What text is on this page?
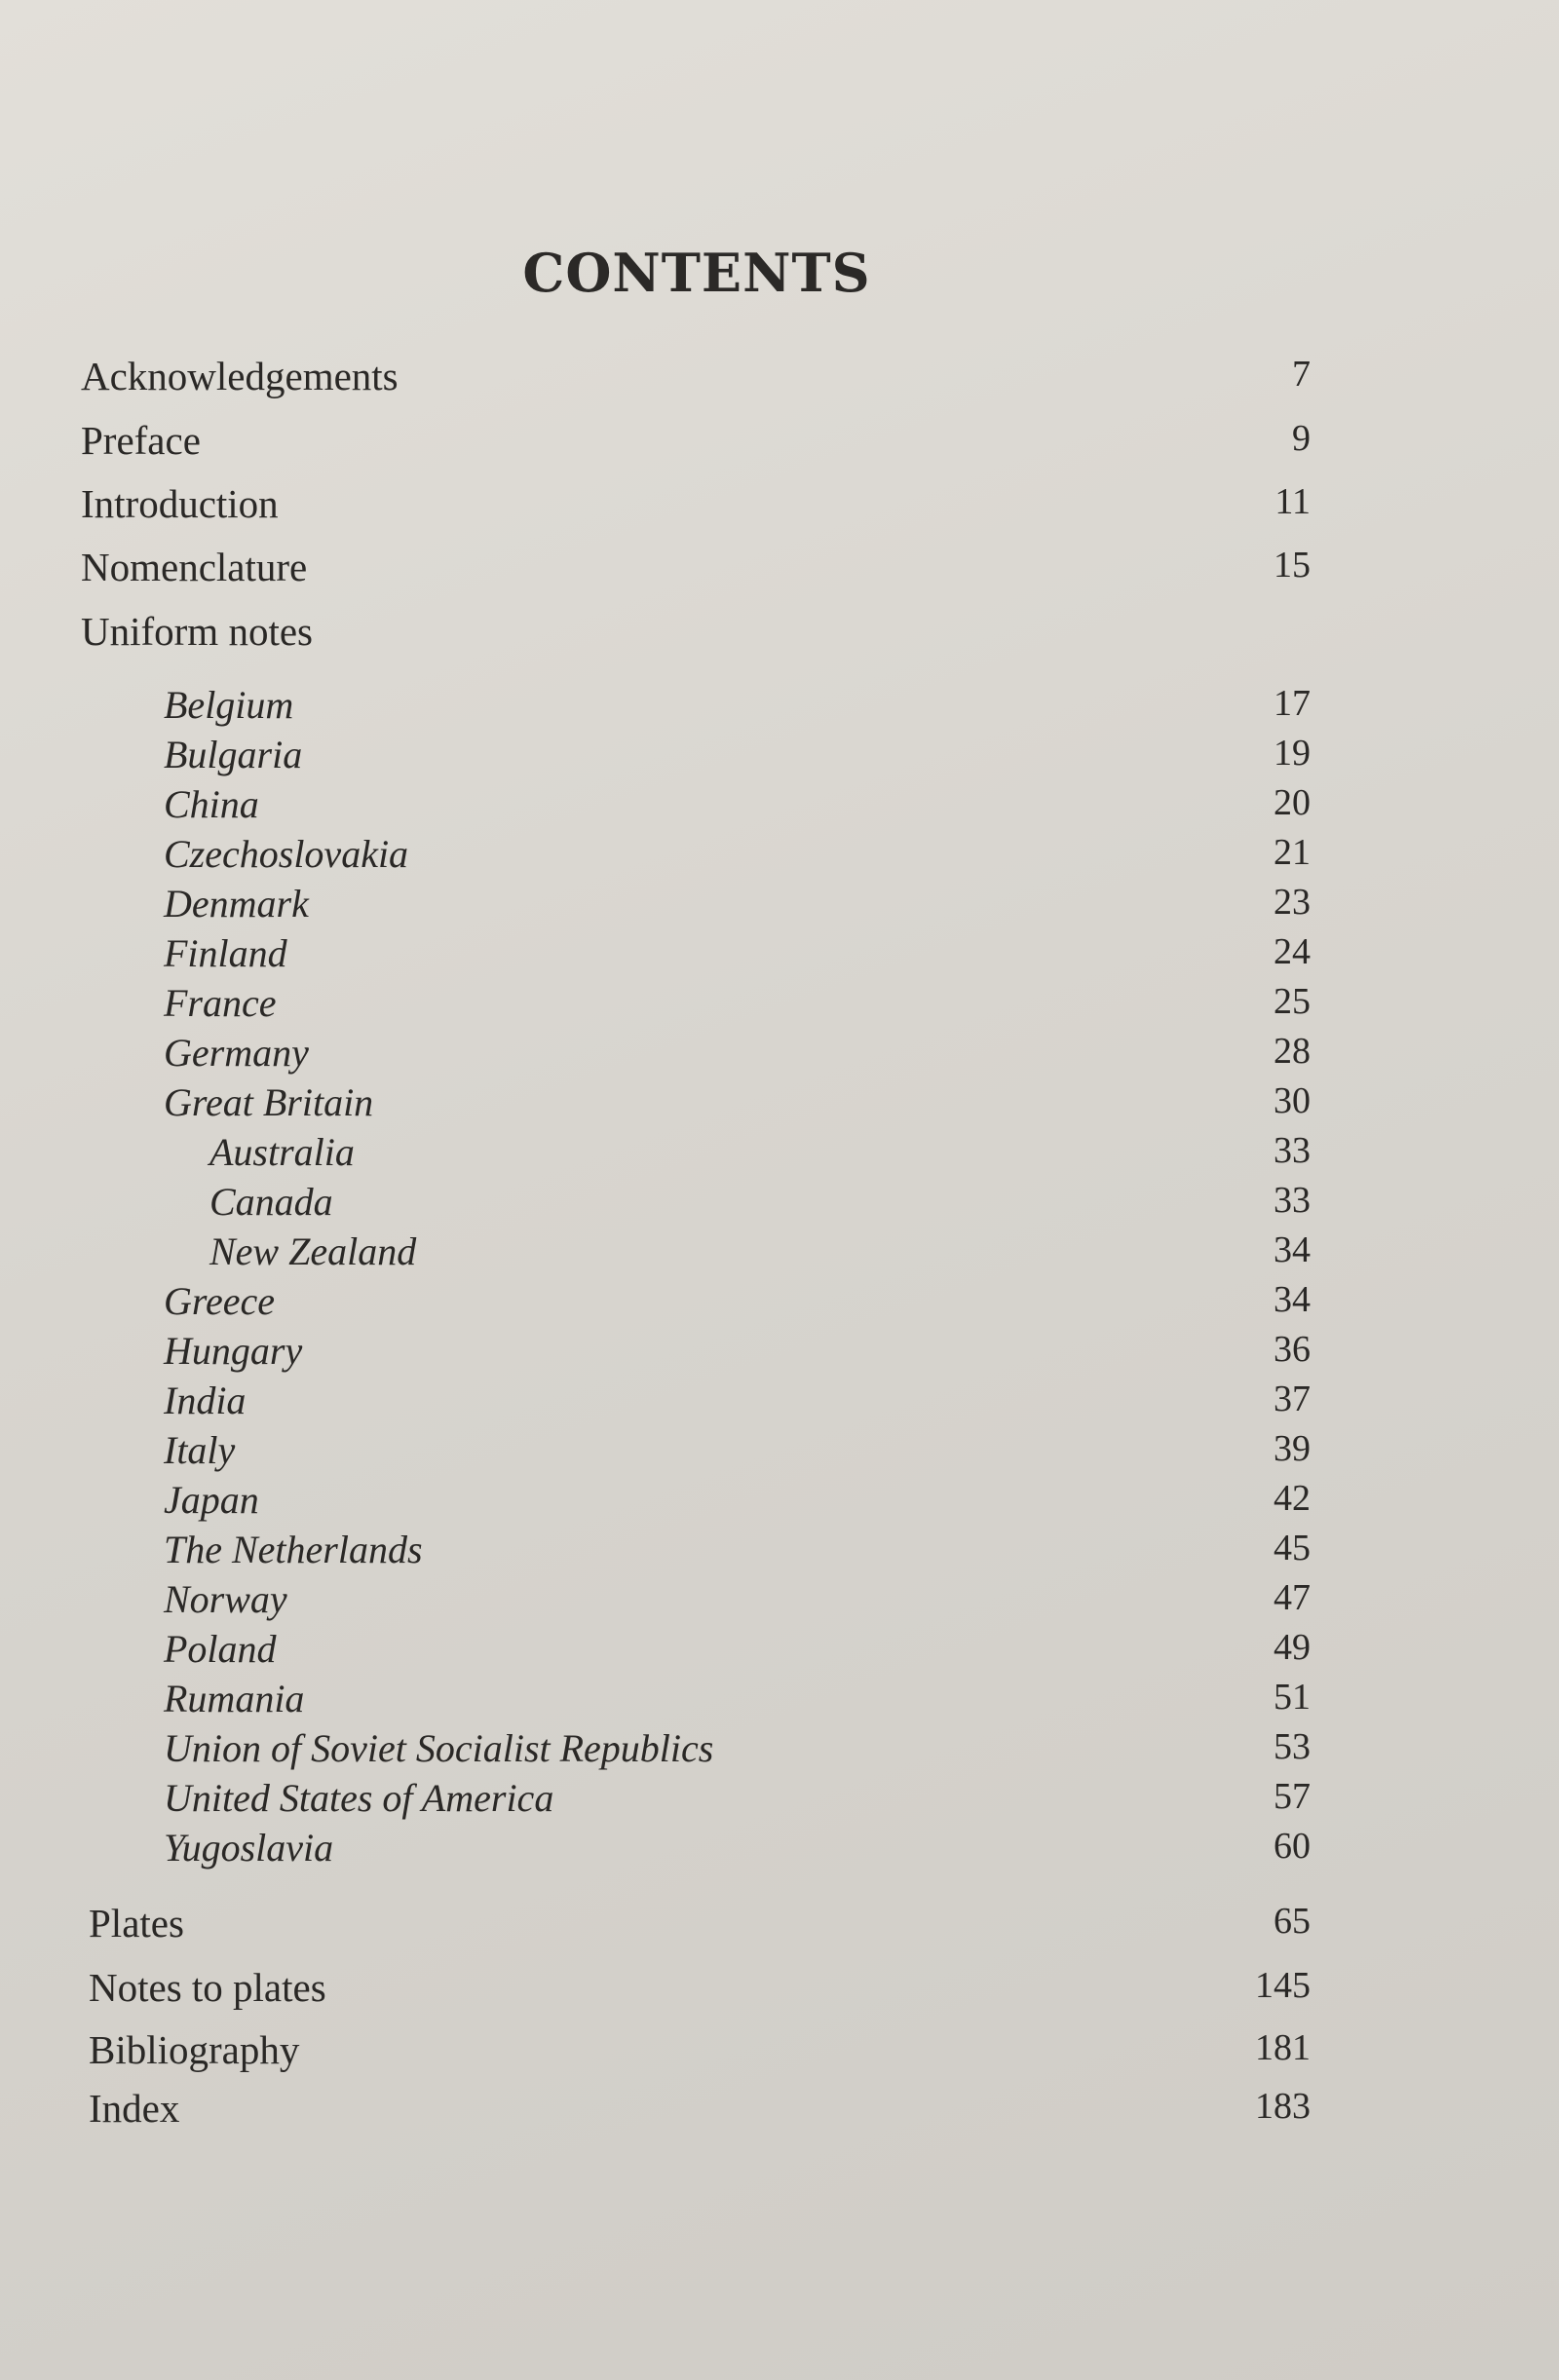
CONTENTS
Acknowledgements	7
Preface	9
Introduction	11
Nomenclature	15
Uniform notes
Belgium	17
Bulgaria	19
China	20
Czechoslovakia	21
Denmark	23
Finland	24
France	25
Germany	28
Great Britain	30
Australia	33
Canada	33
New Zealand	34
Greece	34
Hungary	36
India	37
Italy	39
Japan	42
The Netherlands	45
Norway	47
Poland	49
Rumania	51
Union of Soviet Socialist Republics	53
United States of America	57
Yugoslavia	60
Plates	65
Notes to plates	145
Bibliography	181
Index	183
